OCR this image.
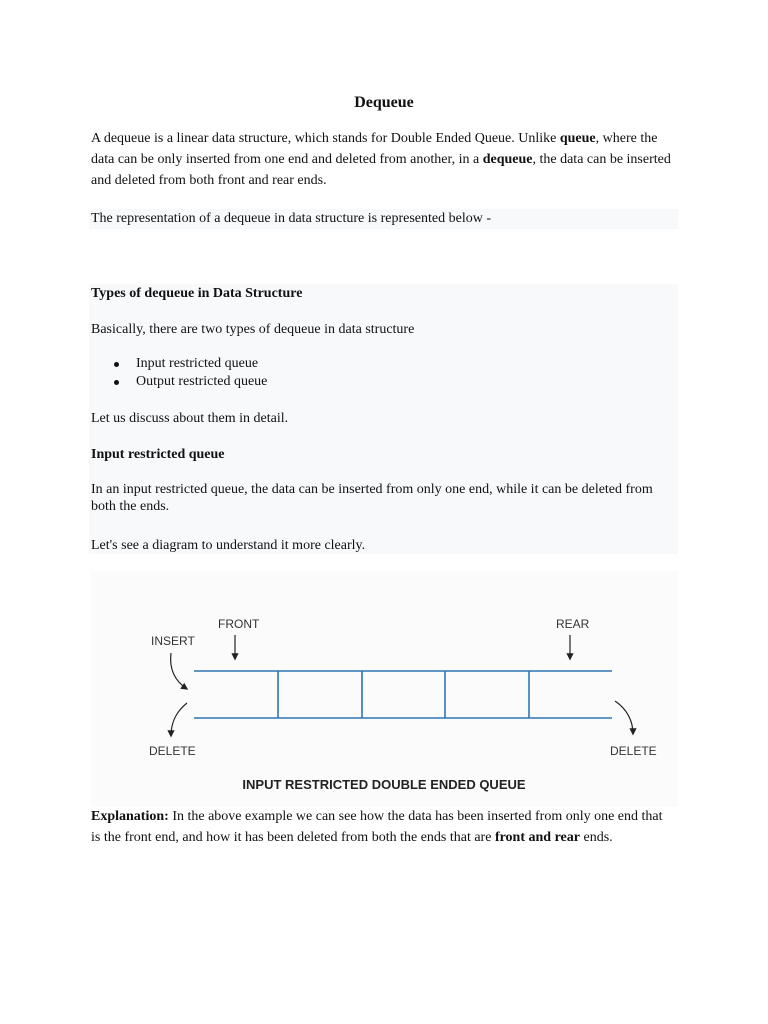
Dequeue

A dequeue is a linear data structure, which stands for Double Ended Queue. Unlike queue, where the data can be only inserted from one end and deleted from another, in a dequeue, the data can be inserted and deleted from both front and rear ends.

The representation of a dequeue in data structure is represented below -

Types of dequeue in Data Structure

Basically, there are two types of dequeue in data structure

Input restricted queue
Output restricted queue

Let us discuss about them in detail.

Input restricted queue

In an input restricted queue, the data can be inserted from only one end, while it can be deleted from both the ends.

Let's see a diagram to understand it more clearly.

FRONT	REAR
INSERT
DELETE	DELETE
INPUT RESTRICTED DOUBLE ENDED QUEUE

Explanation: In the above example we can see how the data has been inserted from only one end that is the front end, and how it has been deleted from both the ends that are front and rear ends.
